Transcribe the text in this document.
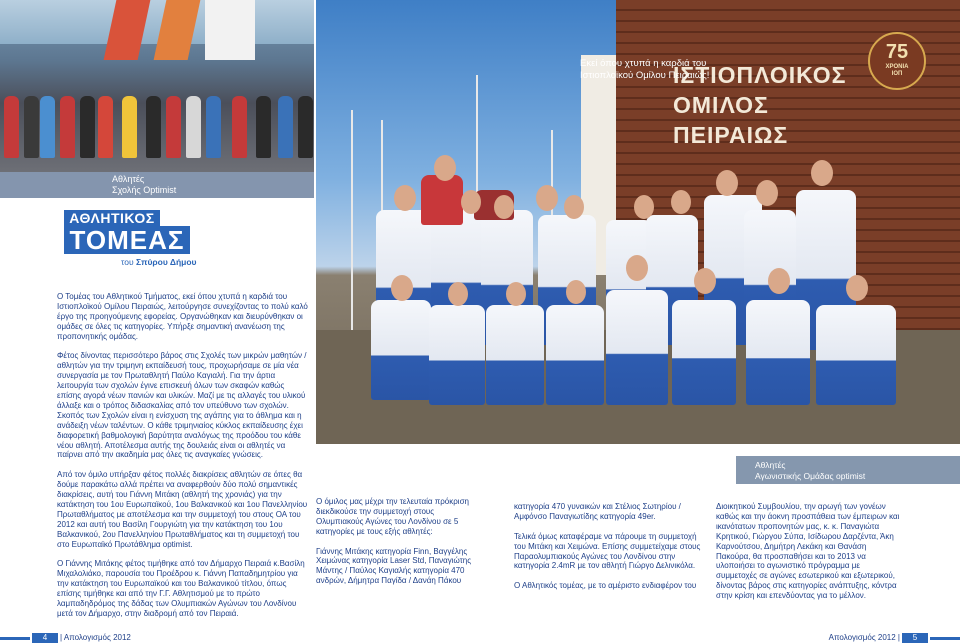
Αθλητές
Σχολής Optimist
ΙΣΤΙΟΠΛΟΙΚΟΣ
ΟΜΙΛΟΣ
ΠΕΙΡΑΙΩΣ
Εκεί όπου χτυπά η καρδιά του Ιστιοπλοϊκού Ομίλου Πειραιώς!
75
ΧΡΟΝΙΑ
ΙΟΠ
Αθλητές
Αγωνιστικής Ομάδας optimist
ΑΘΛΗΤΙΚΟΣ
ΤΟΜΕΑΣ
του Σπύρου Δήμου

Ο Τομέας του Αθλητικού Τμήματος, εκεί όπου χτυπά η καρδιά του Ιστιοπλοϊκού Ομίλου Πειραιώς, λειτούργησε συνεχίζοντας το πολύ καλό έργο της προηγούμενης εφορείας. Οργανώθηκαν και διευρύνθηκαν οι ομάδες σε όλες τις κατηγορίες. Υπήρξε σημαντική ανανέωση της προπονητικής ομάδας.

Φέτος δίνοντας περισσότερο βάρος στις Σχολές των μικρών μαθητών / αθλητών για την τριμηνη εκπαίδευσή τους, προχωρήσαμε σε μία νέα συνεργασία με τον Πρωταθλητή Παύλο Καγιαλή. Για την άρτια λειτουργία των σχολών έγινε επισκευή όλων των σκαφών καθώς επίσης αγορά νέων πανιών και υλικών. Μαζί με τις αλλαγές του υλικού άλλαξε και ο τρόπος διδασκαλίας από τον υπεύθυνο των σχολών. Σκοπός των Σχολών είναι η ενίσχυση της αγάπης για το άθλημα και η ανάδειξη νέων ταλέντων. Ο κάθε τριμηνιαίος κύκλος εκπαίδευσης έχει διαφορετική βαθμολογική βαρύτητα αναλόγως της προόδου του κάθε νέου αθλητή. Αποτέλεσμα αυτής της δουλειάς είναι οι αθλητές να παίρνει από την ακαδημία μας όλες τις αναγκαίες γνώσεις.

Από τον όμιλο υπήρξαν φέτος πολλές διακρίσεις αθλητών σε όπες θα δούμε παρακάτω αλλά πρέπει να αναφερθούν δύο πολύ σημαντικές διακρίσεις, αυτή του Γιάννη Μιτάκη (αθλητή της χρονιάς) για την κατάκτηση του 1ου Ευρωπαϊκού, 1ου Βαλκανικού και 1ου Πανελληνίου Πρωταθλήματος με αποτέλεσμα και την συμμετοχή του στους ΟΑ του 2012 και αυτή του Βασίλη Γουργιώτη για την κατάκτηση του 1ου Βαλκανικού, 2ου Πανελληνίου Πρωταθλήματος και τη συμμετοχή του στο Ευρωπαϊκό Πρωτάθλημα optimist.

Ο Γιάννης Μιτάκης φέτος τιμήθηκε από τον Δήμαρχο Πειραιά κ.Βασίλη Μιχαλολιάκο, παρουσία του Προέδρου κ. Γιάννη Παπαδημητρίου για την κατάκτηση του Ευρωπαϊκού και του Βαλκανικού τίτλου, όπως επίσης τιμήθηκε και από την Γ.Γ. Αθλητισμού με το πρώτο λαμπαδηδρόμος της δάδας των Ολυμπιακών Αγώνων του Λονδίνου μετά τον Δήμαρχο, στην διαδρομή από τον Πειραιά.

Ο όμιλος μας μέχρι την τελευταία πρόκριση διεκδικούσε την συμμετοχή στους Ολυμπιακούς Αγώνες του Λονδίνου σε 5 κατηγορίες με τους εξής αθλητές:

Γιάννης Μιτάκης κατηγορία Finn, Βαγγέλης Χειμώνας κατηγορία Laser Std, Παναγιώτης Μάντης / Παύλος Καγιαλής κατηγορία 470 ανδρών, Δήμητρα Παγίδα / Δανάη Πάκου

κατηγορία 470 γυναικών και Στέλιος Σωτηρίου / Αμφόνσο Παναγιωτίδης κατηγορία 49er.

Τελικά όμως καταφέραμε να πάρουμε τη συμμετοχή του Μιτάκη και Χειμώνα. Επίσης συμμετείχαμε στους Παραολυμπιακούς Αγώνες του Λονδίνου στην κατηγορία 2.4mR με τον αθλητή Γιώργο Δελινικόλα.

Ο Αθλητικός τομέας, με το αμέριστο ενδιαφέρον του

Διοικητικού Συμβουλίου, την αρωγή των γονέων καθώς και την άοκνη προσπάθεια των έμπειρων και ικανότατων προπονητών μας, κ. κ. Παναγιώτα Κρητικού, Γιώργου Σύπα, Ισίδωρου Δαρζέντα, Άκη Καρνούτσου, Δημήτρη Λεκάκη και Θανάση Πακούρα, θα προσπαθήσει και το 2013 να υλοποιήσει το αγωνιστικό πρόγραμμα με συμμετοχές σε αγώνες εσωτερικού και εξωτερικού, δίνοντας βάρος στις κατηγορίες ανάπτυξης, κόντρα στην κρίση και επενδύοντας για το μέλλον.

4	| Απολογισμός 2012	Απολογισμός 2012 |	5
